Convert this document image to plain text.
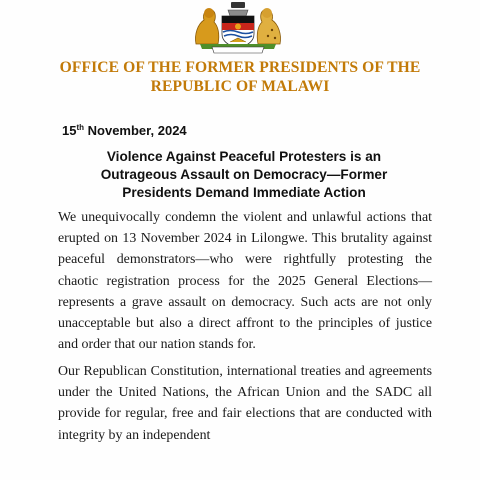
OFFICE OF THE FORMER PRESIDENTS OF THE
REPUBLIC OF MALAWI
15th November, 2024
Violence Against Peaceful Protesters is an
Outrageous Assault on Democracy—Former
Presidents Demand Immediate Action

We unequivocally condemn the violent and unlawful actions that erupted on 13 November 2024 in Lilongwe. This brutality against peaceful demonstrators—who were rightfully protesting the chaotic registration process for the 2025 General Elections—represents a grave assault on democracy. Such acts are not only unacceptable but also a direct affront to the principles of justice and order that our nation stands for.

Our Republican Constitution, international treaties and agreements under the United Nations, the African Union and the SADC all provide for regular, free and fair elections that are conducted with integrity by an independent
